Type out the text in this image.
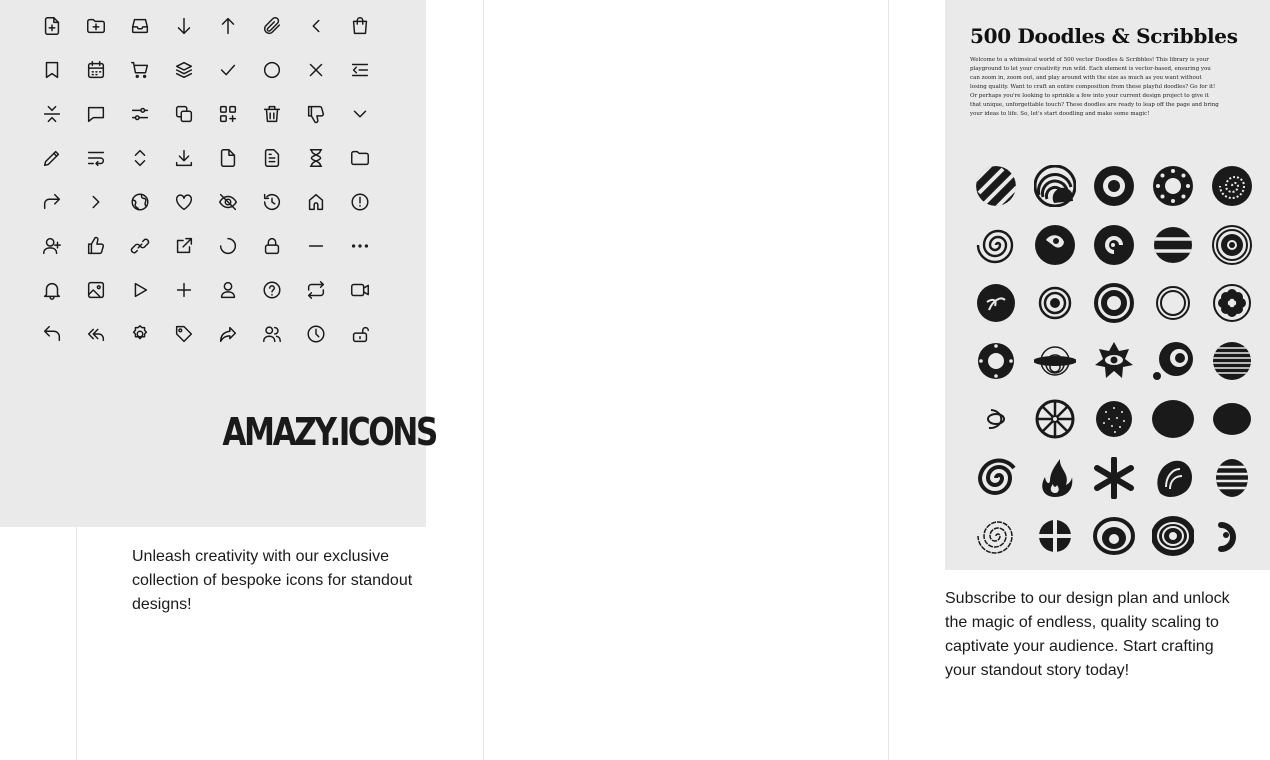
AMAZY.ICONS
Unleash creativity with our exclusive collection of bespoke icons for standout designs!
500 Doodles & Scribbles
Welcome to a whimsical world of 500 vector Doodles & Scribbles! This library is your playground to let your creativity run wild. Each element is vector-based, ensuring you can zoom in, zoom out, and play around with the size as much as you want without losing quality. Want to craft an entire composition from these playful doodles? Go for it! Or perhaps you're looking to sprinkle a few into your current design project to give it that unique, unforgettable touch? These doodles are ready to leap off the page and bring your ideas to life. So, let's start doodling and make some magic!
Subscribe to our design plan and unlock the magic of endless, quality scaling to captivate your audience. Start crafting your standout story today!
